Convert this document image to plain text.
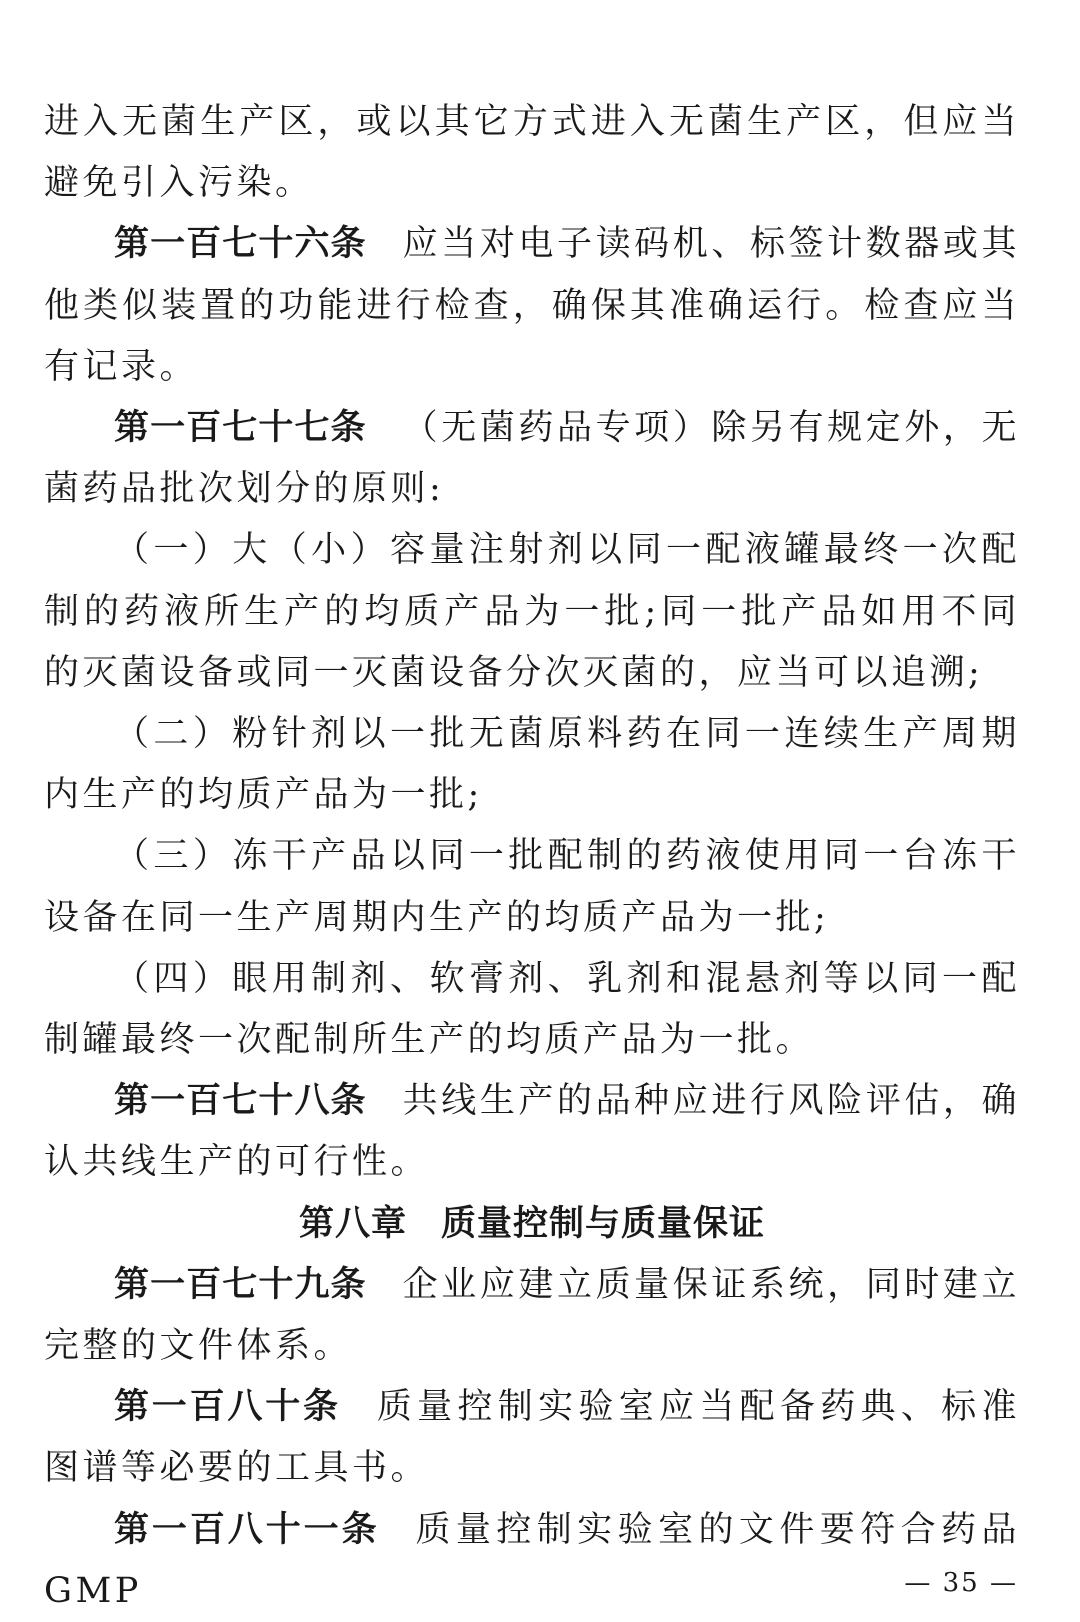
进入无菌生产区，或以其它方式进入无菌生产区，但应当避免引入污染。

第一百七十六条 应当对电子读码机、标签计数器或其他类似装置的功能进行检查，确保其准确运行。检查应当有记录。

第一百七十七条 （无菌药品专项）除另有规定外，无菌药品批次划分的原则:

（一）大（小）容量注射剂以同一配液罐最终一次配制的药液所生产的均质产品为一批;同一批产品如用不同的灭菌设备或同一灭菌设备分次灭菌的，应当可以追溯;

（二）粉针剂以一批无菌原料药在同一连续生产周期内生产的均质产品为一批;

（三）冻干产品以同一批配制的药液使用同一台冻干设备在同一生产周期内生产的均质产品为一批;

（四）眼用制剂、软膏剂、乳剂和混悬剂等以同一配制罐最终一次配制所生产的均质产品为一批。

第一百七十八条 共线生产的品种应进行风险评估，确认共线生产的可行性。

第八章 质量控制与质量保证

第一百七十九条 企业应建立质量保证系统，同时建立完整的文件体系。

第一百八十条 质量控制实验室应当配备药典、标准图谱等必要的工具书。

第一百八十一条 质量控制实验室的文件要符合药品 GMP	— 35 —
